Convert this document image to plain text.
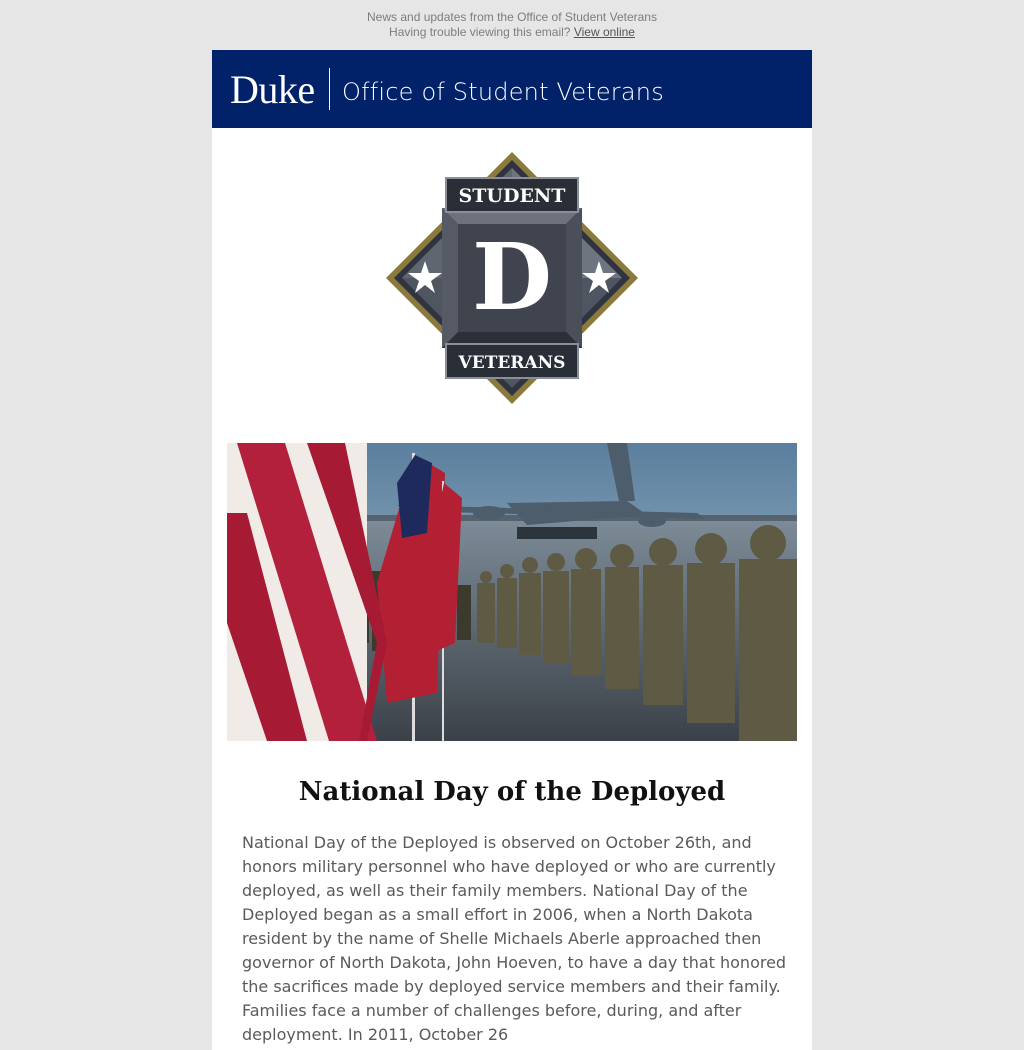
News and updates from the Office of Student Veterans
Having trouble viewing this email? View online
Duke Office of Student Veterans
STUDENT
VETERANS
D
National Day of the Deployed
National Day of the Deployed is observed on October 26th, and honors military personnel who have deployed or who are currently deployed, as well as their family members. National Day of the Deployed began as a small effort in 2006, when a North Dakota resident by the name of Shelle Michaels Aberle approached then governor of North Dakota, John Hoeven, to have a day that honored the sacrifices made by deployed service members and their family. Families face a number of challenges before, during, and after deployment. In 2011, October 26
